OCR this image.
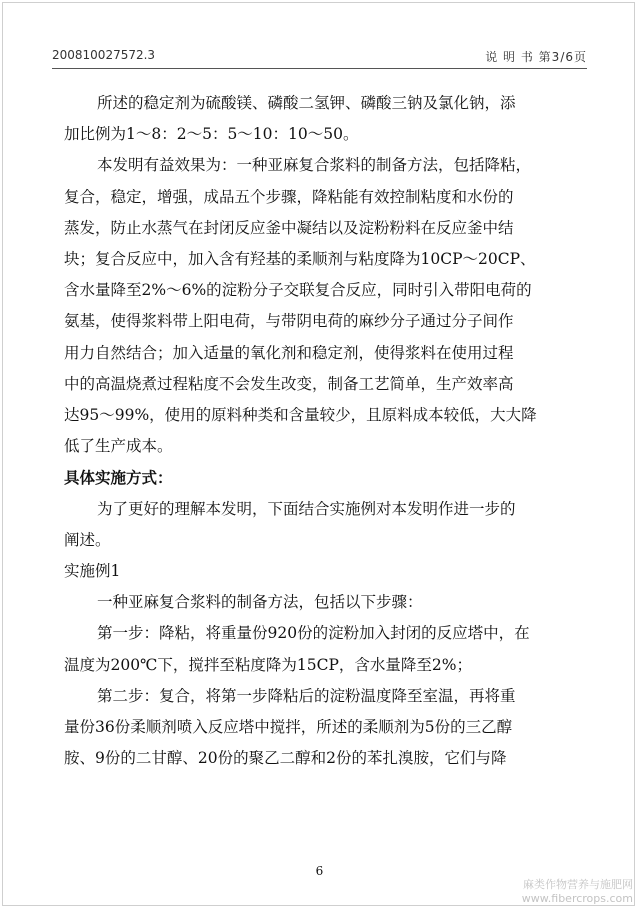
200810027572.3	说 明 书 第3/6页
所述的稳定剂为硫酸镁、磷酸二氢钾、磷酸三钠及氯化钠，添
加比例为1～8：2～5：5～10：10～50。
本发明有益效果为：一种亚麻复合浆料的制备方法，包括降粘，
复合，稳定，增强，成品五个步骤，降粘能有效控制粘度和水份的
蒸发，防止水蒸气在封闭反应釜中凝结以及淀粉粉料在反应釜中结
块；复合反应中，加入含有羟基的柔顺剂与粘度降为10CP～20CP、
含水量降至2%～6%的淀粉分子交联复合反应，同时引入带阳电荷的
氨基，使得浆料带上阳电荷，与带阴电荷的麻纱分子通过分子间作
用力自然结合；加入适量的氧化剂和稳定剂，使得浆料在使用过程
中的高温烧煮过程粘度不会发生改变，制备工艺简单，生产效率高
达95～99%，使用的原料种类和含量较少，且原料成本较低，大大降
低了生产成本。
具体实施方式：
为了更好的理解本发明，下面结合实施例对本发明作进一步的
阐述。
实施例1
一种亚麻复合浆料的制备方法，包括以下步骤：
第一步：降粘，将重量份920份的淀粉加入封闭的反应塔中，在
温度为200℃下，搅拌至粘度降为15CP，含水量降至2%；
第二步：复合，将第一步降粘后的淀粉温度降至室温，再将重
量份36份柔顺剂喷入反应塔中搅拌，所述的柔顺剂为5份的三乙醇
胺、9份的二甘醇、20份的聚乙二醇和2份的苯扎溴胺，它们与降
6
麻类作物营养与施肥网
www.fibercrops.com
